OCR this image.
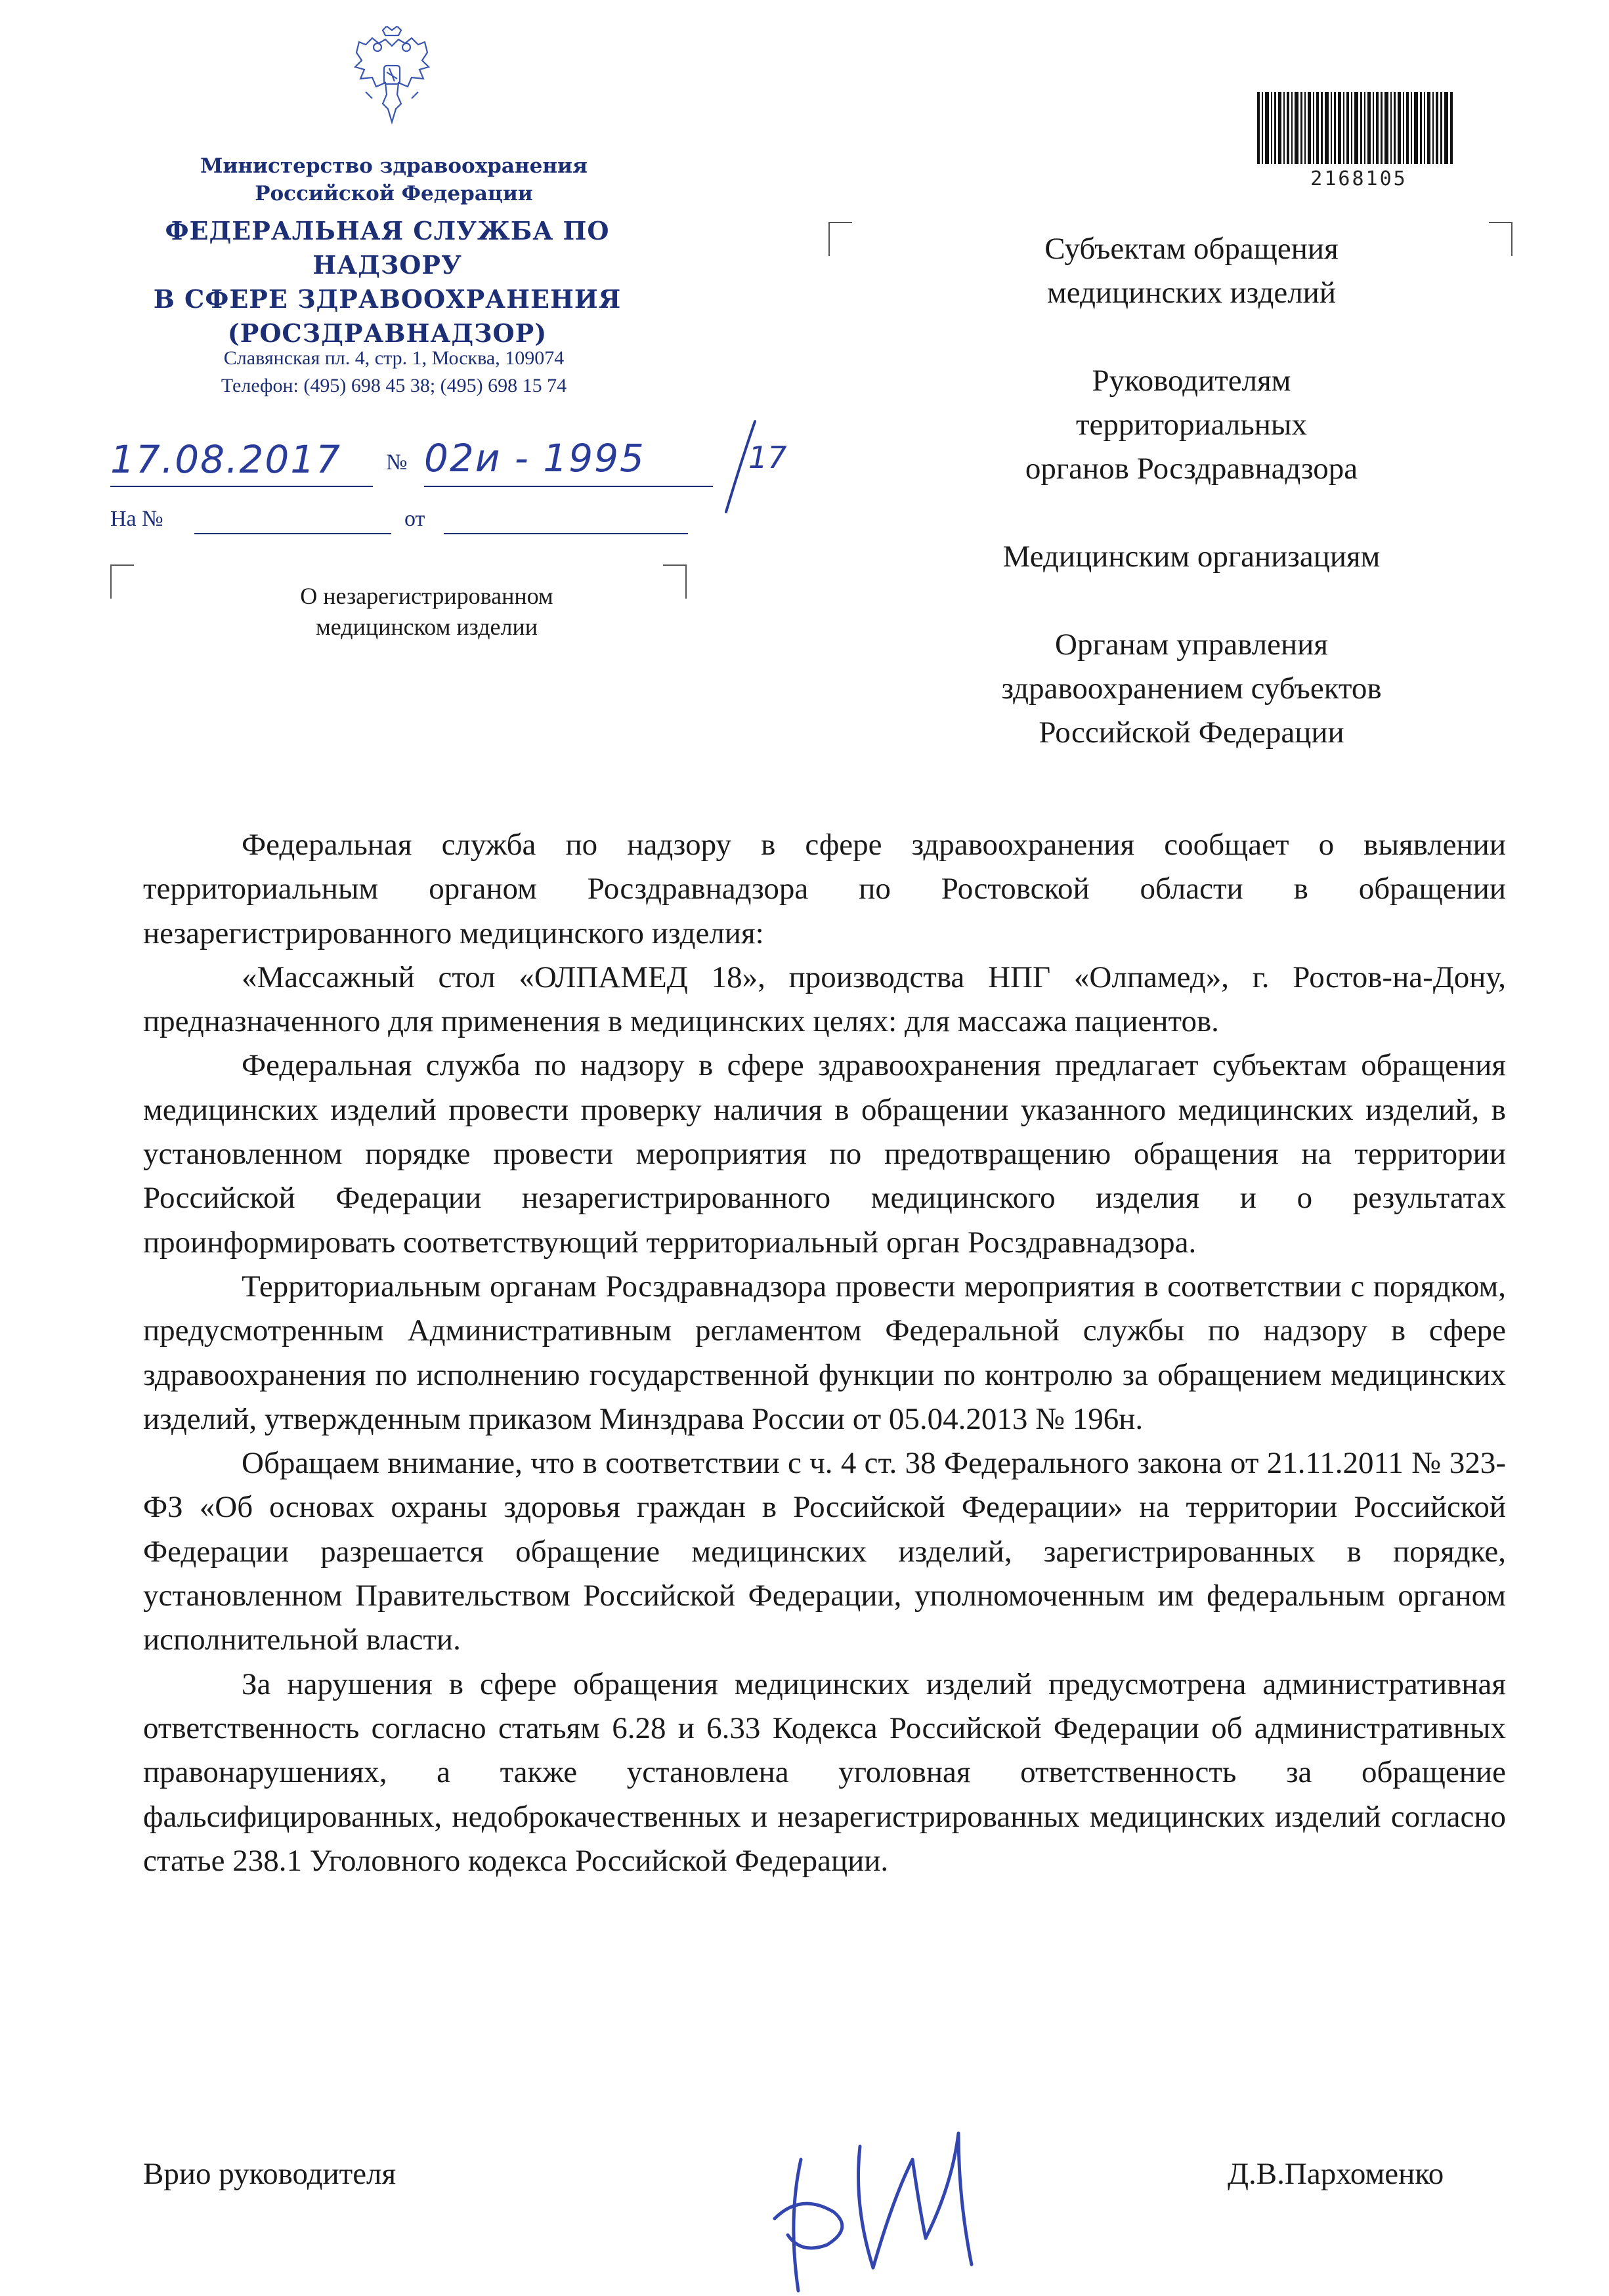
Министерство здравоохранения
Российской Федерации
ФЕДЕРАЛЬНАЯ СЛУЖБА ПО НАДЗОРУ
В СФЕРЕ ЗДРАВООХРАНЕНИЯ
(РОСЗДРАВНАДЗОР)
Славянская пл. 4, стр. 1, Москва, 109074
Телефон: (495) 698 45 38; (495) 698 15 74
17.08.2017 № 02и - 1995	17
На №	от
О незарегистрированном
медицинском изделии
2168105
Субъектам обращения
медицинских изделий
Руководителям
территориальных
органов Росздравнадзора
Медицинским организациям
Органам управления
здравоохранением субъектов
Российской Федерации

Федеральная служба по надзору в сфере здравоохранения сообщает о выявлении территориальным органом Росздравнадзора по Ростовской области в обращении незарегистрированного медицинского изделия:

«Массажный стол «ОЛПАМЕД 18», производства НПГ «Олпамед», г. Ростов-на-Дону, предназначенного для применения в медицинских целях: для массажа пациентов.

Федеральная служба по надзору в сфере здравоохранения предлагает субъектам обращения медицинских изделий провести проверку наличия в обращении указанного медицинских изделий, в установленном порядке провести мероприятия по предотвращению обращения на территории Российской Федерации незарегистрированного медицинского изделия и о результатах проинформировать соответствующий территориальный орган Росздравнадзора.

Территориальным органам Росздравнадзора провести мероприятия в соответствии с порядком, предусмотренным Административным регламентом Федеральной службы по надзору в сфере здравоохранения по исполнению государственной функции по контролю за обращением медицинских изделий, утвержденным приказом Минздрава России от 05.04.2013 № 196н.

Обращаем внимание, что в соответствии с ч. 4 ст. 38 Федерального закона от 21.11.2011 № 323-ФЗ «Об основах охраны здоровья граждан в Российской Федерации» на территории Российской Федерации разрешается обращение медицинских изделий, зарегистрированных в порядке, установленном Правительством Российской Федерации, уполномоченным им федеральным органом исполнительной власти.

За нарушения в сфере обращения медицинских изделий предусмотрена административная ответственность согласно статьям 6.28 и 6.33 Кодекса Российской Федерации об административных правонарушениях, а также установлена уголовная ответственность за обращение фальсифицированных, недоброкачественных и незарегистрированных медицинских изделий согласно статье 238.1 Уголовного кодекса Российской Федерации.

Врио руководителя	Д.В.Пархоменко
